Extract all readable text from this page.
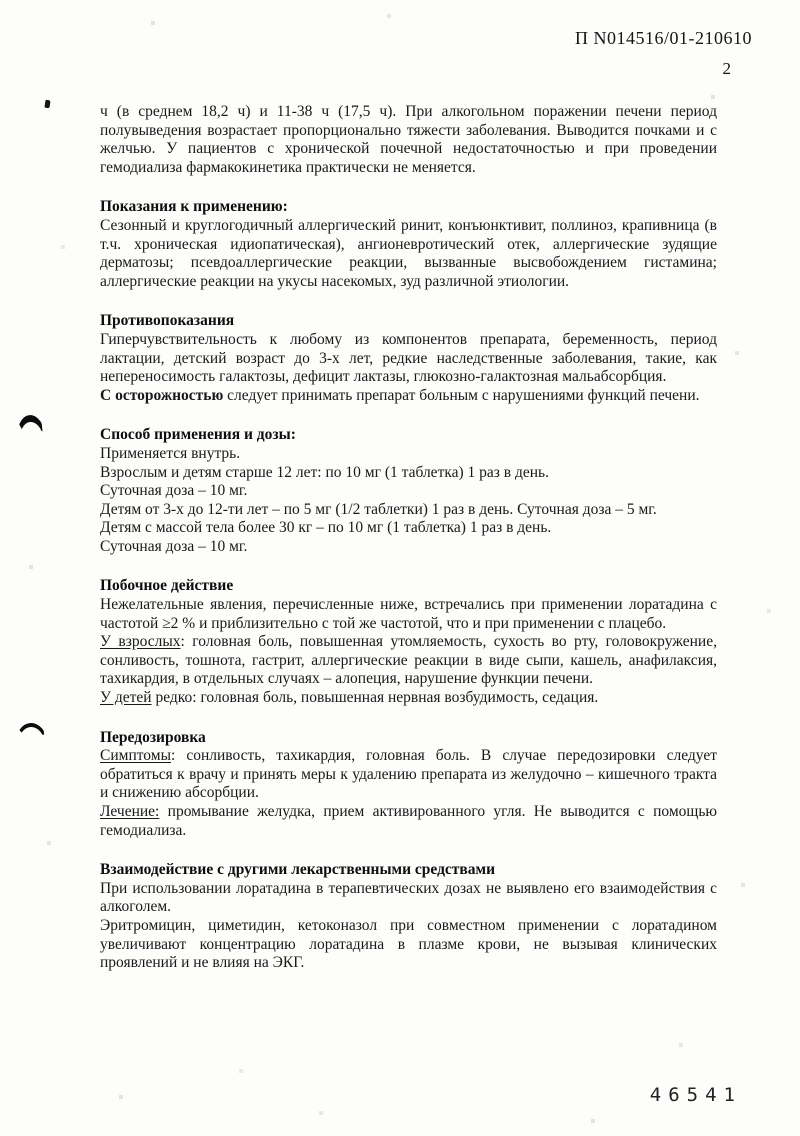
П N014516/01-210610
2
ч (в среднем 18,2 ч) и 11-38 ч (17,5 ч). При алкогольном поражении печени период полувыведения возрастает пропорционально тяжести заболевания. Выводится почками и с желчью. У пациентов с хронической почечной недостаточностью и при проведении гемодиализа фармакокинетика практически не меняется.
Показания к применению:
Сезонный и круглогодичный аллергический ринит, конъюнктивит, поллиноз, крапивница (в т.ч. хроническая идиопатическая), ангионевротический отек, аллергические зудящие дерматозы; псевдоаллергические реакции, вызванные высвобождением гистамина; аллергические реакции на укусы насекомых, зуд различной этиологии.
Противопоказания
Гиперчувствительность к любому из компонентов препарата, беременность, период лактации, детский возраст до 3-х лет, редкие наследственные заболевания, такие, как непереносимость галактозы, дефицит лактазы, глюкозно-галактозная мальабсорбция.
С осторожностью следует принимать препарат больным с нарушениями функций печени.
Способ применения и дозы:
Применяется внутрь.
Взрослым и детям старше 12 лет: по 10 мг (1 таблетка) 1 раз в день.
Суточная доза – 10 мг.
Детям от 3-х до 12-ти лет – по 5 мг (1/2 таблетки) 1 раз в день. Суточная доза – 5 мг.
Детям с массой тела более 30 кг – по 10 мг (1 таблетка) 1 раз в день.
Суточная доза – 10 мг.
Побочное действие
Нежелательные явления, перечисленные ниже, встречались при применении лоратадина с частотой ≥2 % и приблизительно с той же частотой, что и при применении с плацебо.
У взрослых: головная боль, повышенная утомляемость, сухость во рту, головокружение, сонливость, тошнота, гастрит, аллергические реакции в виде сыпи, кашель, анафилаксия, тахикардия, в отдельных случаях – алопеция, нарушение функции печени.
У детей редко: головная боль, повышенная нервная возбудимость, седация.
Передозировка
Симптомы: сонливость, тахикардия, головная боль. В случае передозировки следует обратиться к врачу и принять меры к удалению препарата из желудочно – кишечного тракта и снижению абсорбции.
Лечение: промывание желудка, прием активированного угля. Не выводится с помощью гемодиализа.
Взаимодействие с другими лекарственными средствами
При использовании лоратадина в терапевтических дозах не выявлено его взаимодействия с алкоголем.
Эритромицин, циметидин, кетоконазол при совместном применении с лоратадином увеличивают концентрацию лоратадина в плазме крови, не вызывая клинических проявлений и не влияя на ЭКГ.
46541
